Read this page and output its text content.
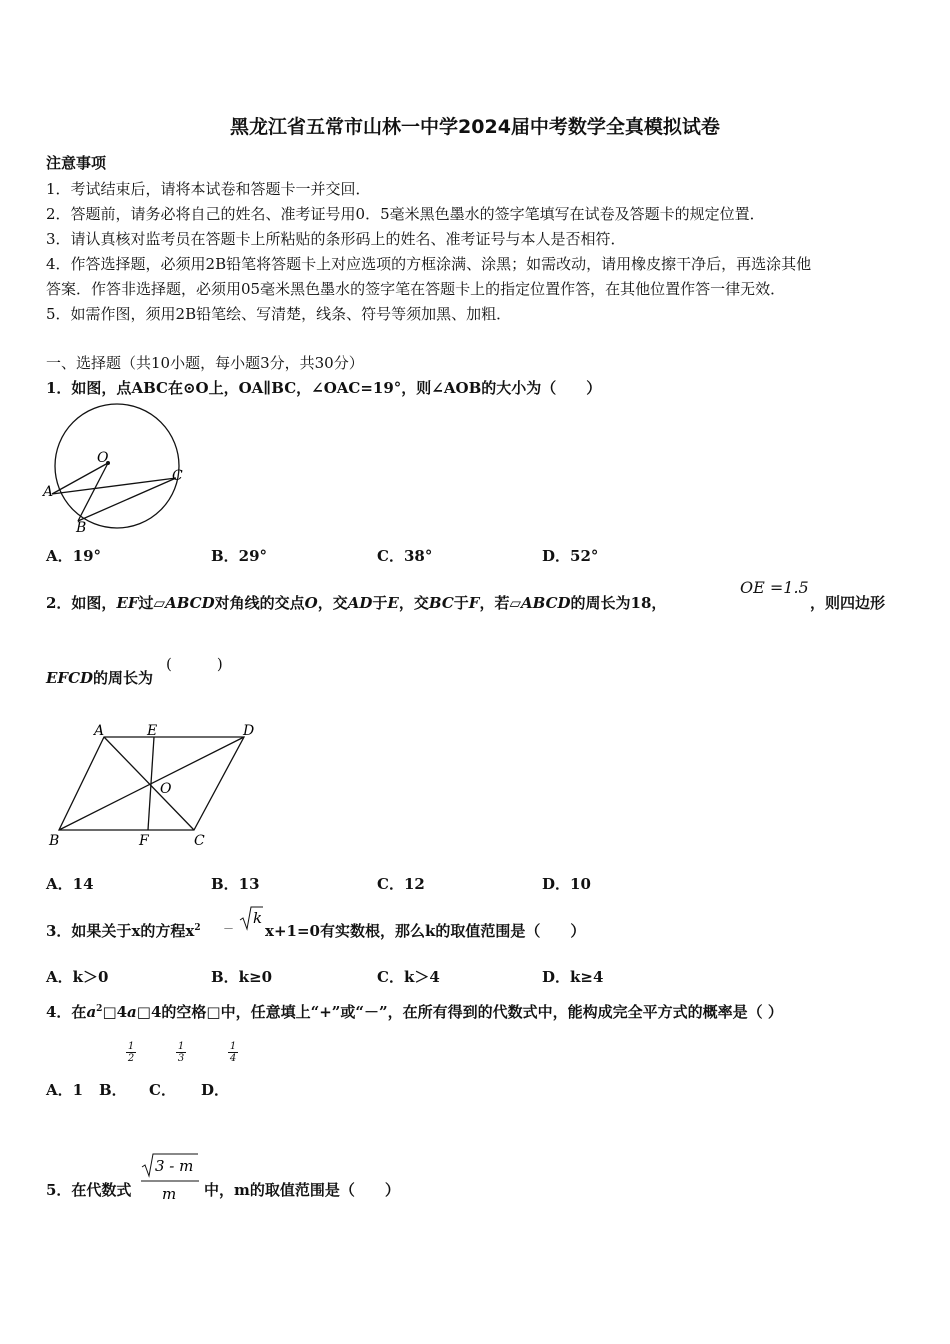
黑龙江省五常市山林一中学2024届中考数学全真模拟试卷
注意事项
1．考试结束后，请将本试卷和答题卡一并交回．
2．答题前，请务必将自己的姓名、准考证号用0．5毫米黑色墨水的签字笔填写在试卷及答题卡的规定位置．
3．请认真核对监考员在答题卡上所粘贴的条形码上的姓名、准考证号与本人是否相符．
4．作答选择题，必须用2B铅笔将答题卡上对应选项的方框涂满、涂黑；如需改动，请用橡皮擦干净后，再选涂其他
答案．作答非选择题，必须用05毫米黑色墨水的签字笔在答题卡上的指定位置作答，在其他位置作答一律无效．
5．如需作图，须用2B铅笔绘、写清楚，线条、符号等须加黑、加粗．
一、选择题（共10小题，每小题3分，共30分）
1．如图，点ABC在⊙O上，OA∥BC，∠OAC=19°，则∠AOB的大小为（　　）
O
A
B
C
A．19°	B．29°	C．38°	D．52°
2．如图，EF过▱ABCD对角线的交点O，交AD于E，交BC于F，若▱ABCD的周长为18，
OE =1.5
，则四边形
EFCD的周长为
(　　　)
A	E	D
O
B	F	C
A．14	B．13	C．12	D．10
3．如果关于x的方程$x^2$ －
k
x+1=0有实数根，那么k的取值范围是（　　）
A．k＞0	B．k≥0	C．k＞4	D．k≥4
4．在$a^2□4a□4$的空格□中，任意填上“+”或“－”，在所有得到的代数式中，能构成完全平方式的概率是（ ）
$\frac{1}{2}$	$\frac{1}{3}$	$\frac{1}{4}$
A．1 B． C． D．
5．在代数式
3 - m
m 中，m的取值范围是（　　）
